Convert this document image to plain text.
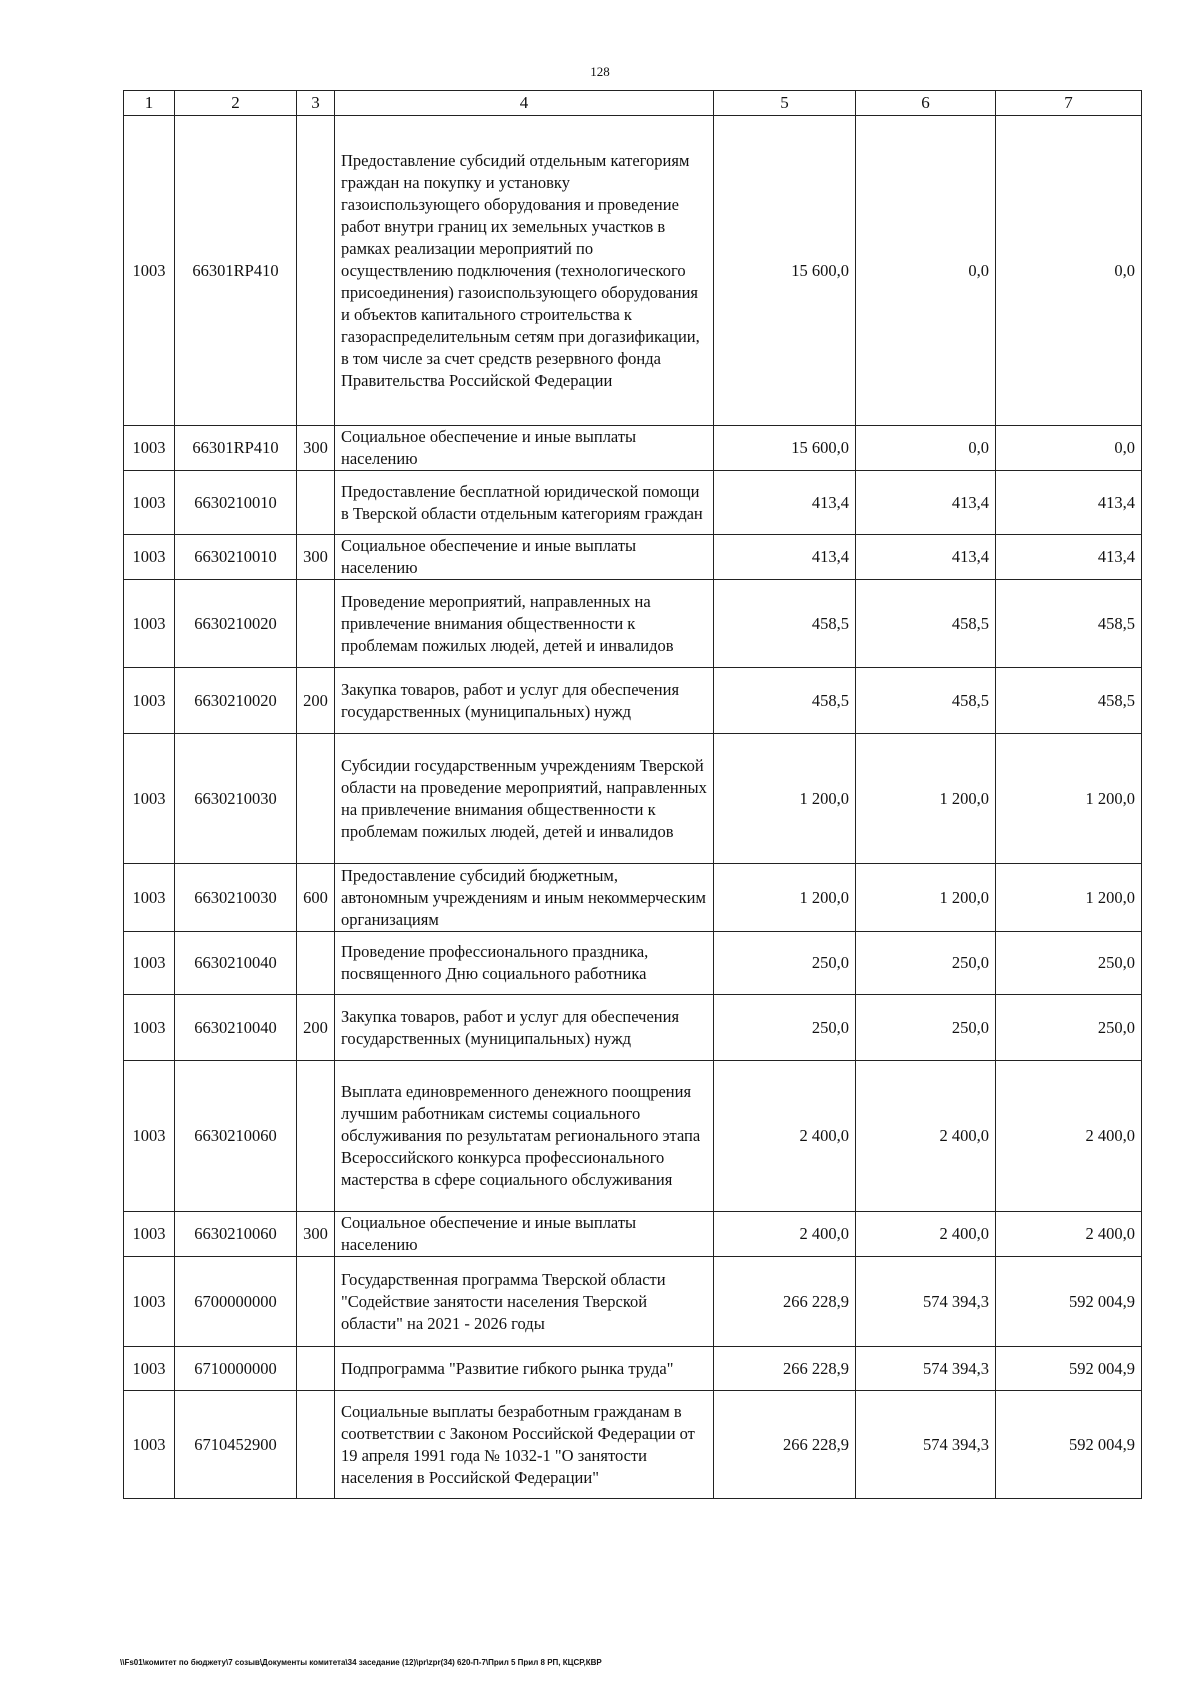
128
1	2	3	4	5	6	7
1003	66301RP410		Предоставление субсидий отдельным категориям граждан на покупку и установку газоиспользующего оборудования и проведение работ внутри границ их земельных участков в рамках реализации мероприятий по осуществлению подключения (технологического присоединения) газоиспользующего оборудования и объектов капитального строительства к газораспределительным сетям при догазификации, в том числе за счет средств резервного фонда Правительства Российской Федерации	15 600,0	0,0	0,0
1003	66301RP410	300	Социальное обеспечение и иные выплаты населению	15 600,0	0,0	0,0
1003	6630210010		Предоставление бесплатной юридической помощи в Тверской области отдельным категориям граждан	413,4	413,4	413,4
1003	6630210010	300	Социальное обеспечение и иные выплаты населению	413,4	413,4	413,4
1003	6630210020		Проведение мероприятий, направленных на привлечение внимания общественности к проблемам пожилых людей, детей и инвалидов	458,5	458,5	458,5
1003	6630210020	200	Закупка товаров, работ и услуг для обеспечения государственных (муниципальных) нужд	458,5	458,5	458,5
1003	6630210030		Субсидии государственным учреждениям Тверской области на проведение мероприятий, направленных на привлечение внимания общественности к проблемам пожилых людей, детей и инвалидов	1 200,0	1 200,0	1 200,0
1003	6630210030	600	Предоставление субсидий бюджетным, автономным учреждениям и иным некоммерческим организациям	1 200,0	1 200,0	1 200,0
1003	6630210040		Проведение профессионального праздника, посвященного Дню социального работника	250,0	250,0	250,0
1003	6630210040	200	Закупка товаров, работ и услуг для обеспечения государственных (муниципальных) нужд	250,0	250,0	250,0
1003	6630210060		Выплата единовременного денежного поощрения лучшим работникам системы социального обслуживания по результатам регионального этапа Всероссийского конкурса профессионального мастерства в сфере социального обслуживания	2 400,0	2 400,0	2 400,0
1003	6630210060	300	Социальное обеспечение и иные выплаты населению	2 400,0	2 400,0	2 400,0
1003	6700000000		Государственная программа Тверской области "Содействие занятости населения Тверской области" на 2021 - 2026 годы	266 228,9	574 394,3	592 004,9
1003	6710000000		Подпрограмма "Развитие гибкого рынка труда"	266 228,9	574 394,3	592 004,9
1003	6710452900		Социальные выплаты безработным гражданам в соответствии с Законом Российской Федерации от 19 апреля 1991 года № 1032-1 "О занятости населения в Российской Федерации"	266 228,9	574 394,3	592 004,9
\\Fs01\комитет по бюджету\7 созыв\Документы комитета\34 заседание (12)\pr\zpr(34) 620-П-7\Прил 5 Прил 8 РП, КЦСР,КВР
